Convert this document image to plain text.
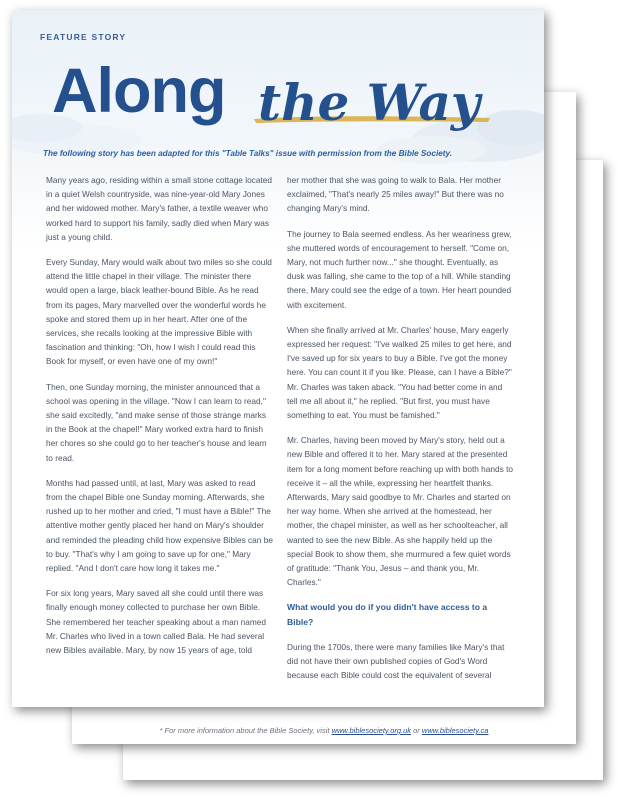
* For more information about the Bible Society, visit www.biblesociety.org.uk or www.biblesociety.ca
FEATURE STORY
Along the Way
The following story has been adapted for this "Table Talks" issue with permission from the Bible Society.

Many years ago, residing within a small stone cottage located in a quiet Welsh countryside, was nine-year-old Mary Jones and her widowed mother. Mary's father, a textile weaver who worked hard to support his family, sadly died when Mary was just a young child.

Every Sunday, Mary would walk about two miles so she could attend the little chapel in their village. The minister there would open a large, black leather-bound Bible. As he read from its pages, Mary marvelled over the wonderful words he spoke and stored them up in her heart. After one of the services, she recalls looking at the impressive Bible with fascination and thinking: "Oh, how I wish I could read this Book for myself, or even have one of my own!"

Then, one Sunday morning, the minister announced that a school was opening in the village. "Now I can learn to read," she said excitedly, "and make sense of those strange marks in the Book at the chapel!" Mary worked extra hard to finish her chores so she could go to her teacher's house and learn to read.

Months had passed until, at last, Mary was asked to read from the chapel Bible one Sunday morning. Afterwards, she rushed up to her mother and cried, "I must have a Bible!" The attentive mother gently placed her hand on Mary's shoulder and reminded the pleading child how expensive Bibles can be to buy. "That's why I am going to save up for one," Mary replied. "And I don't care how long it takes me."

For six long years, Mary saved all she could until there was finally enough money collected to purchase her own Bible. She remembered her teacher speaking about a man named Mr. Charles who lived in a town called Bala. He had several new Bibles available. Mary, by now 15 years of age, told

her mother that she was going to walk to Bala. Her mother exclaimed, "That's nearly 25 miles away!" But there was no changing Mary's mind.

The journey to Bala seemed endless. As her weariness grew, she muttered words of encouragement to herself. "Come on, Mary, not much further now..." she thought. Eventually, as dusk was falling, she came to the top of a hill. While standing there, Mary could see the edge of a town. Her heart pounded with excitement.

When she finally arrived at Mr. Charles' house, Mary eagerly expressed her request: "I've walked 25 miles to get here, and I've saved up for six years to buy a Bible. I've got the money here. You can count it if you like. Please, can I have a Bible?" Mr. Charles was taken aback. "You had better come in and tell me all about it," he replied. "But first, you must have something to eat. You must be famished."

Mr. Charles, having been moved by Mary's story, held out a new Bible and offered it to her. Mary stared at the presented item for a long moment before reaching up with both hands to receive it – all the while, expressing her heartfelt thanks. Afterwards, Mary said goodbye to Mr. Charles and started on her way home. When she arrived at the homestead, her mother, the chapel minister, as well as her schoolteacher, all wanted to see the new Bible. As she happily held up the special Book to show them, she murmured a few quiet words of gratitude: "Thank You, Jesus – and thank you, Mr. Charles."

What would you do if you didn't have access to a Bible?

During the 1700s, there were many families like Mary's that did not have their own published copies of God's Word because each Bible could cost the equivalent of several
